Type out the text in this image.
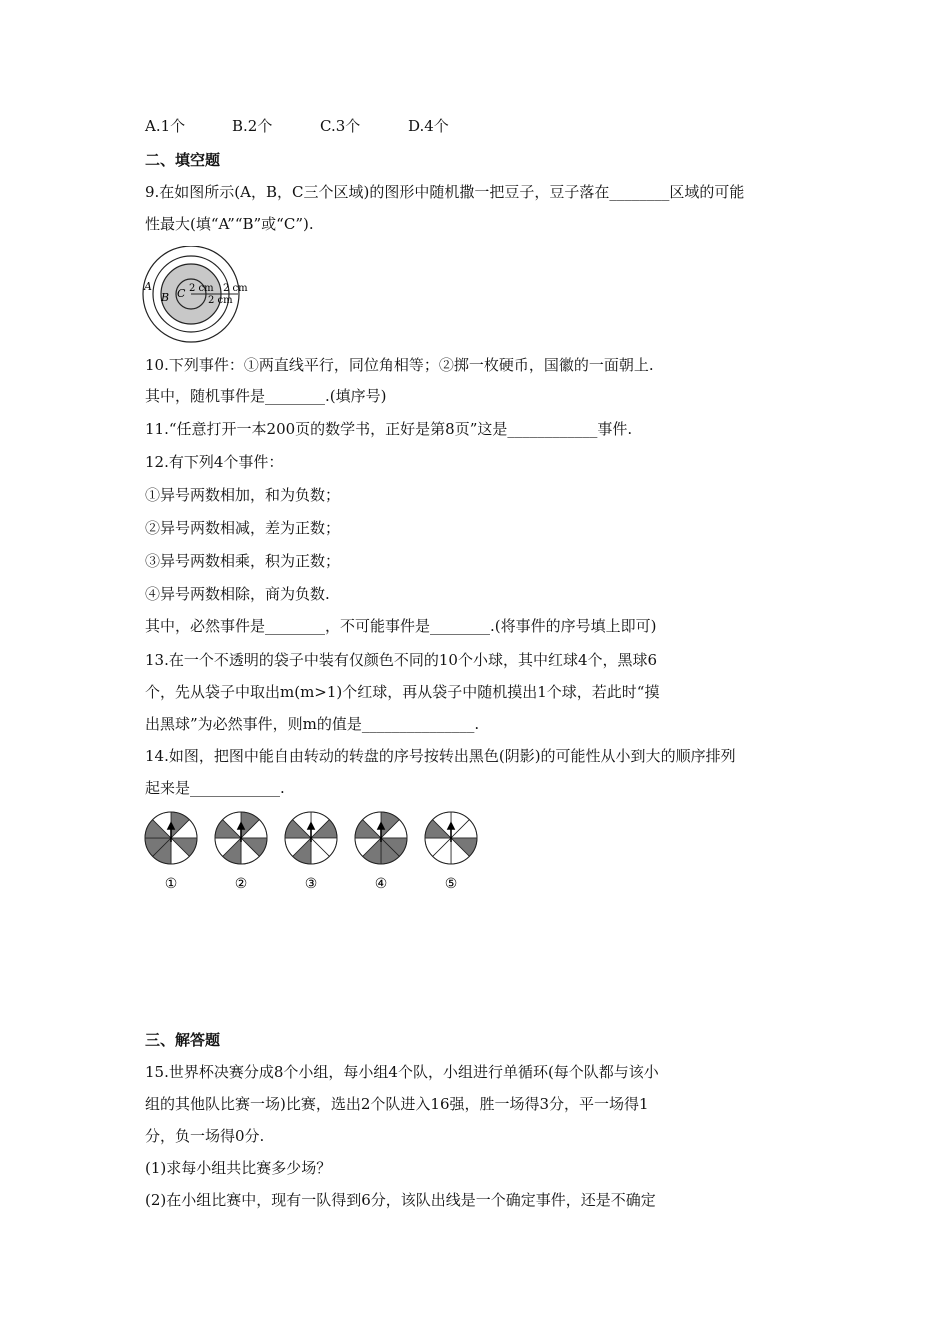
A.1个	B.2个	C.3个	D.4个
二、填空题
9.在如图所示(A，B，C三个区域)的图形中随机撒一把豆子，豆子落在________区域的可能
性最大(填“A”“B”或“C”).
A
B C 2 cm 2 cm
2 cm
10.下列事件：①两直线平行，同位角相等；②掷一枚硬币，国徽的一面朝上.
其中，随机事件是________.(填序号)
11.“任意打开一本200页的数学书，正好是第8页”这是____________事件.
12.有下列4个事件：
①异号两数相加，和为负数；
②异号两数相减，差为正数；
③异号两数相乘，积为正数；
④异号两数相除，商为负数.
其中，必然事件是________，不可能事件是________.(将事件的序号填上即可)
13.在一个不透明的袋子中装有仅颜色不同的10个小球，其中红球4个，黑球6
个，先从袋子中取出m(m>1)个红球，再从袋子中随机摸出1个球，若此时“摸
出黑球”为必然事件，则m的值是_______________.
14.如图，把图中能自由转动的转盘的序号按转出黑色(阴影)的可能性从小到大的顺序排列
起来是____________.
①	②	③	④	⑤
三、解答题
15.世界杯决赛分成8个小组，每小组4个队，小组进行单循环(每个队都与该小
组的其他队比赛一场)比赛，选出2个队进入16强，胜一场得3分，平一场得1
分，负一场得0分.
(1)求每小组共比赛多少场？
(2)在小组比赛中，现有一队得到6分，该队出线是一个确定事件，还是不确定
